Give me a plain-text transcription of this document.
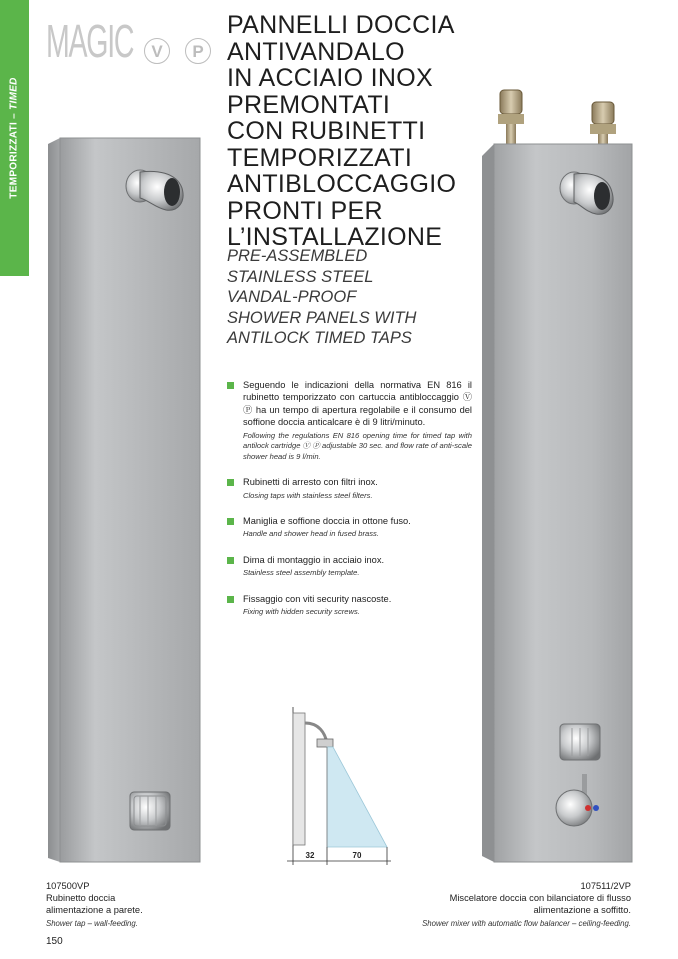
TEMPORIZZATI – TIMED
MAGIC	V	P
PANNELLI DOCCIA
ANTIVANDALO
IN ACCIAIO INOX
PREMONTATI
CON RUBINETTI
TEMPORIZZATI
ANTIBLOCCAGGIO
PRONTI PER
L’INSTALLAZIONE
PRE-ASSEMBLED
STAINLESS STEEL
VANDAL-PROOF
SHOWER PANELS WITH
ANTILOCK TIMED TAPS
Seguendo le indicazioni della normativa EN 816 il rubinetto temporizzato con cartuccia antibloccaggio Ⓥ Ⓟ ha un tempo di apertura regolabile e il consumo del soffione doccia anticalcare è di 9 litri/minuto.
Following the regulations EN 816 opening time for timed tap with antilock cartridge Ⓥ Ⓟ adjustable 30 sec. and flow rate of anti-scale shower head is 9 l/min.
Rubinetti di arresto con filtri inox.
Closing taps with stainless steel filters.
Maniglia e soffione doccia in ottone fuso.
Handle and shower head in fused brass.
Dima di montaggio in acciaio inox.
Stainless steel assembly template.
Fissaggio con viti security nascoste.
Fixing with hidden security screws.
32	70
107500VP
Rubinetto doccia
alimentazione a parete.
Shower tap – wall-feeding.
107511/2VP
Miscelatore doccia con bilanciatore di flusso
alimentazione a soffitto.
Shower mixer with automatic flow balancer – ceiling-feeding.
150
